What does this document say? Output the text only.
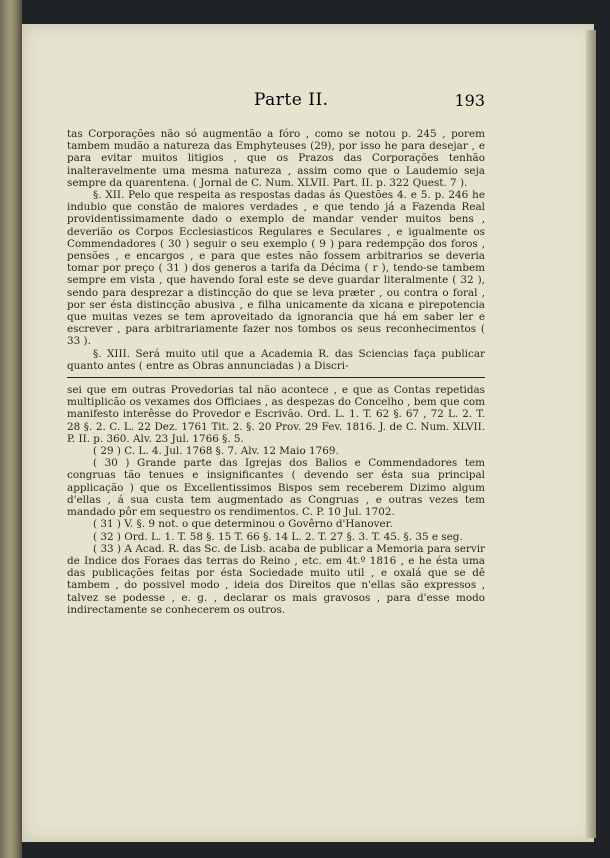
Parte II.	193

tas Corporações não só augmentão a fóro , como se notou p. 245 , porem tambem mudão a natureza das Emphyteuses (29), por isso he para desejar , e para evitar muitos litigios , que os Prazos das Corporações tenhão inalteravelmente uma mesma natureza , assim como que o Laudemio seja sempre da quarentena. ( Jornal de C. Num. XLVII. Part. II. p. 322 Quest. 7 ).

§. XII. Pelo que respeita as respostas dadas ás Questões 4. e 5. p. 246 he indubio que constão de maiores verdades , e que tendo já a Fazenda Real providentissimamente dado o exemplo de mandar vender muitos bens , deverião os Corpos Ecclesiasticos Regulares e Seculares , e igualmente os Commendadores ( 30 ) seguir o seu exemplo ( 9 ) para redempção dos foros , pensões , e encargos , e para que estes não fossem arbitrarios se deveria tomar por preço ( 31 ) dos generos a tarifa da Décima ( r ), tendo-se tambem sempre em vista , que havendo foral este se deve guardar literalmente ( 32 ), sendo para desprezar a distincção do que se leva præter , ou contra o foral , por ser ésta distincção abusiva , e filha unicamente da xicana e pirepotencia que muitas vezes se tem aproveitado da ignorancia que há em saber ler e escrever , para arbitrariamente fazer nos tombos os seus reconhecimentos ( 33 ).

§. XIII. Será muito util que a Academia R. das Sciencias faça publicar quanto antes ( entre as Obras annunciadas ) a Discri-

sei que em outras Provedorias tal não acontece , e que as Contas repetidas multiplicão os vexames dos Officiaes , as despezas do Concelho , bem que com manifesto interêsse do Provedor e Escrivão. Ord. L. 1. T. 62 §. 67 , 72 L. 2. T. 28 §. 2. C. L. 22 Dez. 1761 Tit. 2. §. 20 Prov. 29 Fev. 1816. J. de C. Num. XLVII. P. II. p. 360. Alv. 23 Jul. 1766 §. 5.

( 29 ) C. L. 4. Jul. 1768 §. 7. Alv. 12 Maio 1769.

( 30 ) Grande parte das Igrejas dos Balios e Commendadores tem congruas tão tenues e insignificantes ( devendo ser ésta sua principal applicação ) que os Excellentissimos Bispos sem receberem Dizimo algum d'ellas , á sua custa tem augmentado as Congruas , e outras vezes tem mandado pôr em sequestro os rendimentos. C. P. 10 Jul. 1702.

( 31 ) V. §. 9 not. o que determinou o Govêrno d'Hanover.

( 32 ) Ord. L. 1. T. 58 §. 15 T. 66 §. 14 L. 2. T. 27 §. 3. T. 45. §. 35 e seg.

( 33 ) A Acad. R. das Sc. de Lisb. acaba de publicar a Memoria para servir de Indice dos Foraes das terras do Reino , etc. em 4t.º 1816 , e he ésta uma das publicações feitas por ésta Sociedade muito util , e oxalá que se dê tambem , do possivel modo , ideia dos Direitos que n'ellas são expressos , talvez se podesse , e. g. , declarar os mais gravosos , para d'esse modo indirectamente se conhecerem os outros.
